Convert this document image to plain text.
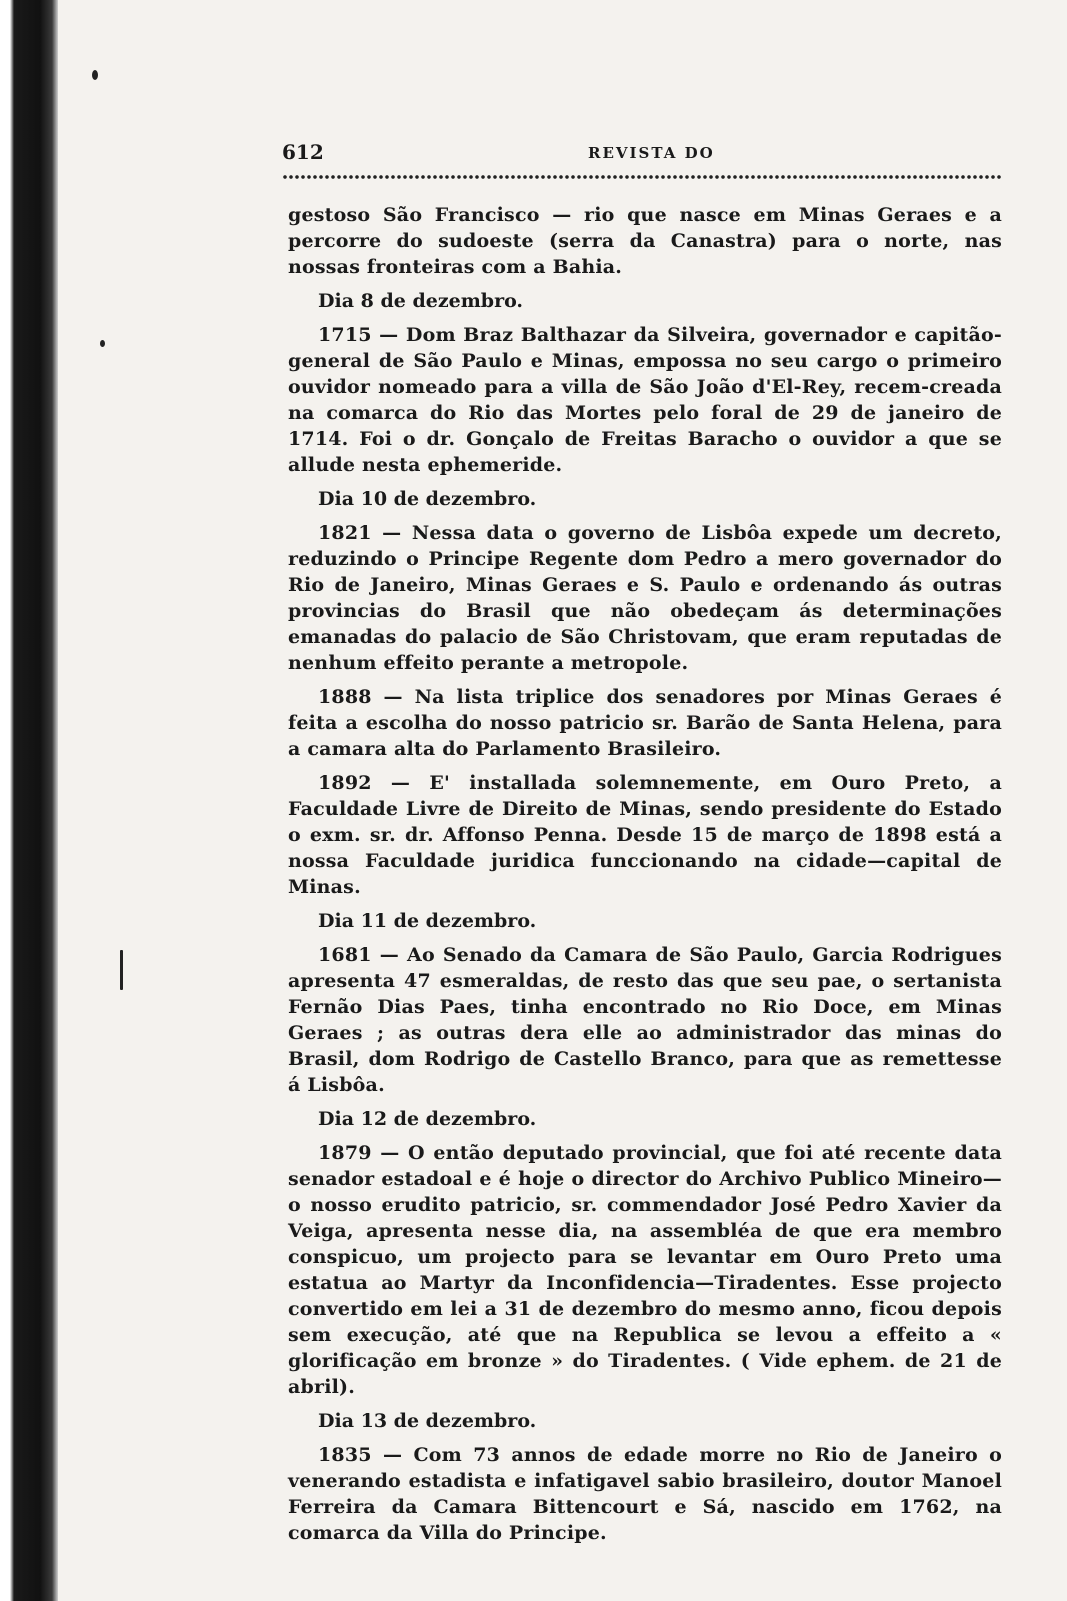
612	REVISTA DO

gestoso São Francisco — rio que nasce em Minas Geraes e a percorre do sudoeste (serra da Canastra) para o norte, nas nossas fronteiras com a Bahia.

Dia 8 de dezembro.

1715 — Dom Braz Balthazar da Silveira, governador e capitão-general de São Paulo e Minas, empossa no seu cargo o primeiro ouvidor nomeado para a villa de São João d'El-Rey, recem-creada na comarca do Rio das Mortes pelo foral de 29 de janeiro de 1714. Foi o dr. Gonçalo de Freitas Baracho o ouvidor a que se allude nesta ephemeride.

Dia 10 de dezembro.

1821 — Nessa data o governo de Lisbôa expede um decreto, reduzindo o Principe Regente dom Pedro a mero governador do Rio de Janeiro, Minas Geraes e S. Paulo e ordenando ás outras provincias do Brasil que não obedeçam ás determinações emanadas do palacio de São Christovam, que eram reputadas de nenhum effeito perante a metropole.

1888 — Na lista triplice dos senadores por Minas Geraes é feita a escolha do nosso patricio sr. Barão de Santa Helena, para a camara alta do Parlamento Brasileiro.

1892 — E' installada solemnemente, em Ouro Preto, a Faculdade Livre de Direito de Minas, sendo presidente do Estado o exm. sr. dr. Affonso Penna. Desde 15 de março de 1898 está a nossa Faculdade juridica funccionando na cidade—capital de Minas.

Dia 11 de dezembro.

1681 — Ao Senado da Camara de São Paulo, Garcia Rodrigues apresenta 47 esmeraldas, de resto das que seu pae, o sertanista Fernão Dias Paes, tinha encontrado no Rio Doce, em Minas Geraes ; as outras dera elle ao administrador das minas do Brasil, dom Rodrigo de Castello Branco, para que as remettesse á Lisbôa.

Dia 12 de dezembro.

1879 — O então deputado provincial, que foi até recente data senador estadoal e é hoje o director do Archivo Publico Mineiro—o nosso erudito patricio, sr. commendador José Pedro Xavier da Veiga, apresenta nesse dia, na assembléa de que era membro conspicuo, um projecto para se levantar em Ouro Preto uma estatua ao Martyr da Inconfidencia—Tiradentes. Esse projecto convertido em lei a 31 de dezembro do mesmo anno, ficou depois sem execução, até que na Republica se levou a effeito a « glorificação em bronze » do Tiradentes. ( Vide ephem. de 21 de abril).

Dia 13 de dezembro.

1835 — Com 73 annos de edade morre no Rio de Janeiro o venerando estadista e infatigavel sabio brasileiro, doutor Manoel Ferreira da Camara Bittencourt e Sá, nascido em 1762, na comarca da Villa do Principe.
